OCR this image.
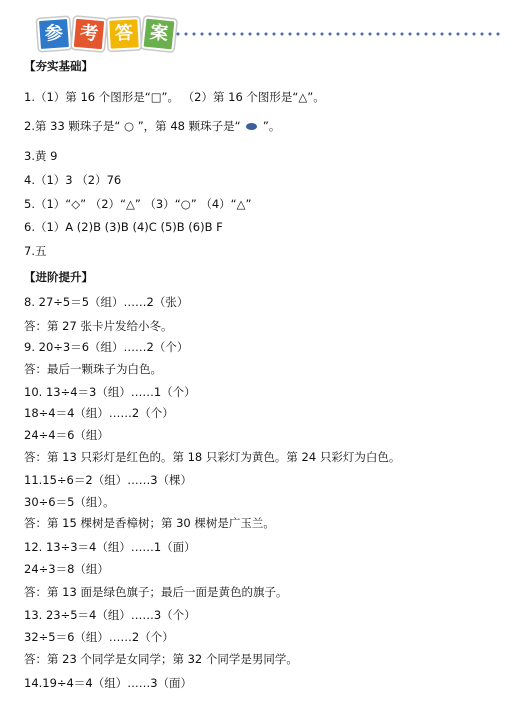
参 考 答 案
【夯实基础】
1.（1）第 16 个图形是“□”。 （2）第 16 个图形是“△”。
2.第 33 颗珠子是“ ○ ”，第 48 颗珠子是“  ”。
3.黄 9
4.（1）3 （2）76
5.（1）“◇” （2）“△” （3）“○” （4）“△”
6.（1）A (2)B (3)B (4)C (5)B (6)B F
7.五
【进阶提升】
8. 27÷5＝5（组）……2（张）
答：第 27 张卡片发给小冬。
9. 20÷3＝6（组）……2（个）
答：最后一颗珠子为白色。
10. 13÷4＝3（组）……1（个）
18÷4＝4（组）……2（个）
24÷4＝6（组）
答：第 13 只彩灯是红色的。第 18 只彩灯为黄色。第 24 只彩灯为白色。
11.15÷6＝2（组）……3（棵）
30÷6＝5（组）。
答：第 15 棵树是香樟树；第 30 棵树是广玉兰。
12. 13÷3＝4（组）……1（面）
24÷3＝8（组）
答：第 13 面是绿色旗子；最后一面是黄色的旗子。
13. 23÷5＝4（组）……3（个）
32÷5＝6（组）……2（个）
答：第 23 个同学是女同学；第 32 个同学是男同学。
14.19÷4＝4（组）……3（面）
